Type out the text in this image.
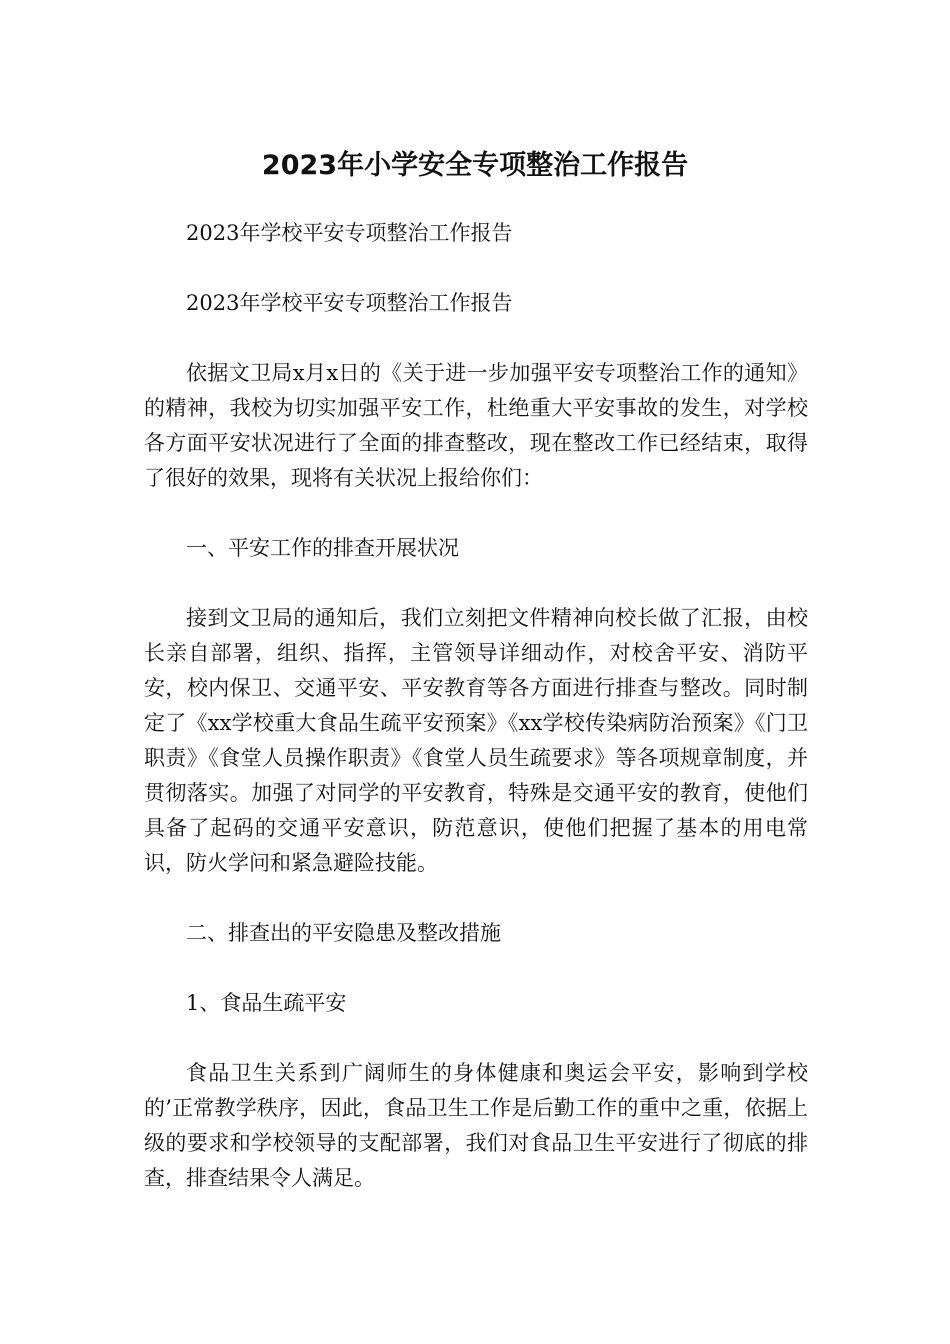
2023年小学安全专项整治工作报告

2023年学校平安专项整治工作报告

2023年学校平安专项整治工作报告

依据文卫局x月x日的《关于进一步加强平安专项整治工作的通知》的精神，我校为切实加强平安工作，杜绝重大平安事故的发生，对学校各方面平安状况进行了全面的排查整改，现在整改工作已经结束，取得了很好的效果，现将有关状况上报给你们：

一、平安工作的排查开展状况

接到文卫局的通知后，我们立刻把文件精神向校长做了汇报，由校长亲自部署，组织、指挥，主管领导详细动作，对校舍平安、消防平安，校内保卫、交通平安、平安教育等各方面进行排查与整改。同时制定了《xx学校重大食品生疏平安预案》《xx学校传染病防治预案》《门卫职责》《食堂人员操作职责》《食堂人员生疏要求》等各项规章制度，并贯彻落实。加强了对同学的平安教育，特殊是交通平安的教育，使他们具备了起码的交通平安意识，防范意识，使他们把握了基本的用电常识，防火学问和紧急避险技能。

二、排查出的平安隐患及整改措施

1、食品生疏平安

食品卫生关系到广阔师生的身体健康和奥运会平安，影响到学校的’正常教学秩序，因此，食品卫生工作是后勤工作的重中之重，依据上级的要求和学校领导的支配部署，我们对食品卫生平安进行了彻底的排查，排查结果令人满足。
